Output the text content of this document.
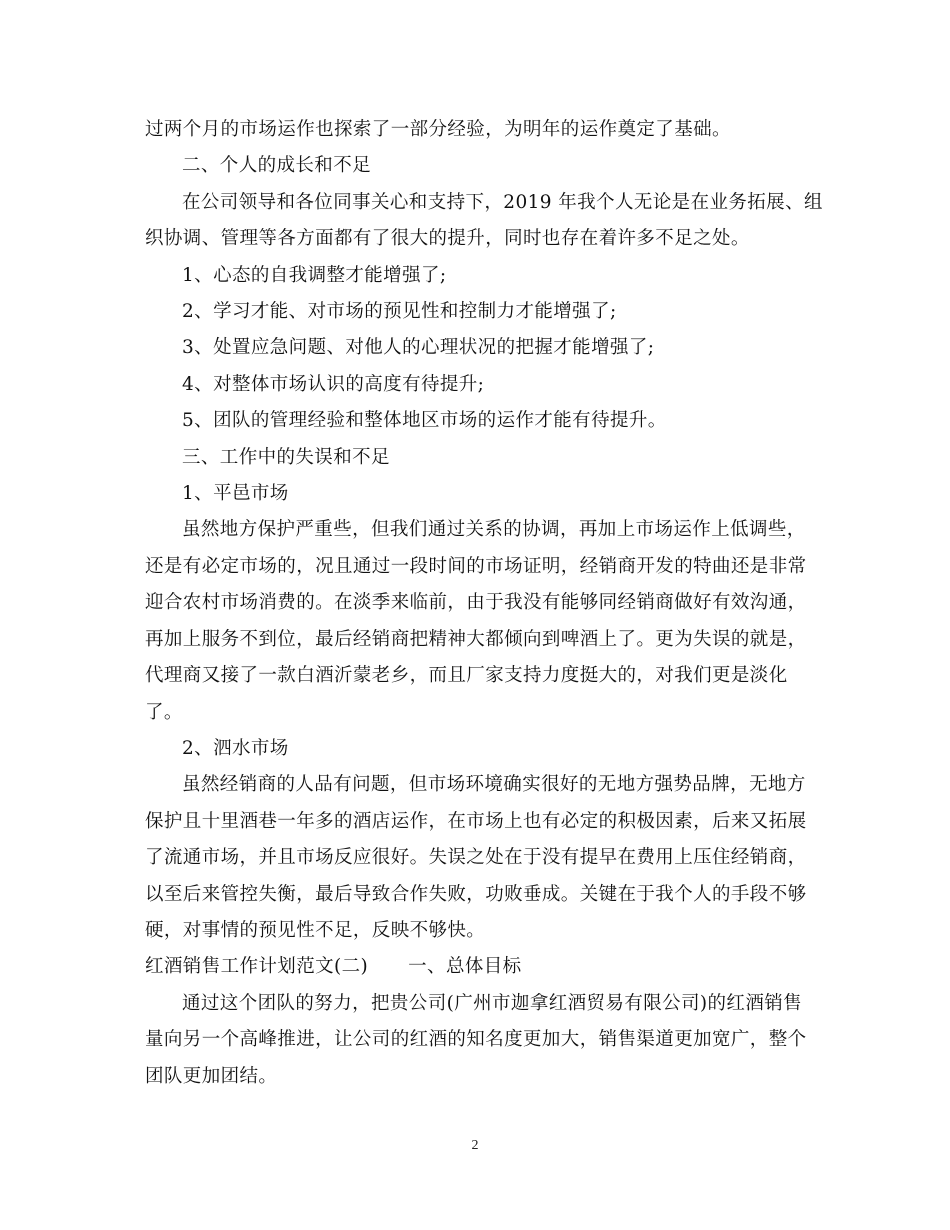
过两个月的市场运作也探索了一部分经验，为明年的运作奠定了基础。

二、个人的成长和不足

在公司领导和各位同事关心和支持下，2019 年我个人无论是在业务拓展、组
织协调、管理等各方面都有了很大的提升，同时也存在着许多不足之处。

1、心态的自我调整才能增强了;

2、学习才能、对市场的预见性和控制力才能增强了;

3、处置应急问题、对他人的心理状况的把握才能增强了;

4、对整体市场认识的高度有待提升;

5、团队的管理经验和整体地区市场的运作才能有待提升。

三、工作中的失误和不足

1、平邑市场

虽然地方保护严重些，但我们通过关系的协调，再加上市场运作上低调些，
还是有必定市场的，况且通过一段时间的市场证明，经销商开发的特曲还是非常
迎合农村市场消费的。在淡季来临前，由于我没有能够同经销商做好有效沟通，
再加上服务不到位，最后经销商把精神大都倾向到啤酒上了。更为失误的就是，
代理商又接了一款白酒沂蒙老乡，而且厂家支持力度挺大的，对我们更是淡化
了。

2、泗水市场

虽然经销商的人品有问题，但市场环境确实很好的无地方强势品牌，无地方
保护且十里酒巷一年多的酒店运作，在市场上也有必定的积极因素，后来又拓展
了流通市场，并且市场反应很好。失误之处在于没有提早在费用上压住经销商，
以至后来管控失衡，最后导致合作失败，功败垂成。关键在于我个人的手段不够
硬，对事情的预见性不足，反映不够快。

红酒销售工作计划范文(二) 一、总体目标

通过这个团队的努力，把贵公司(广州市迦拿红酒贸易有限公司)的红酒销售
量向另一个高峰推进，让公司的红酒的知名度更加大，销售渠道更加宽广，整个
团队更加团结。

2
